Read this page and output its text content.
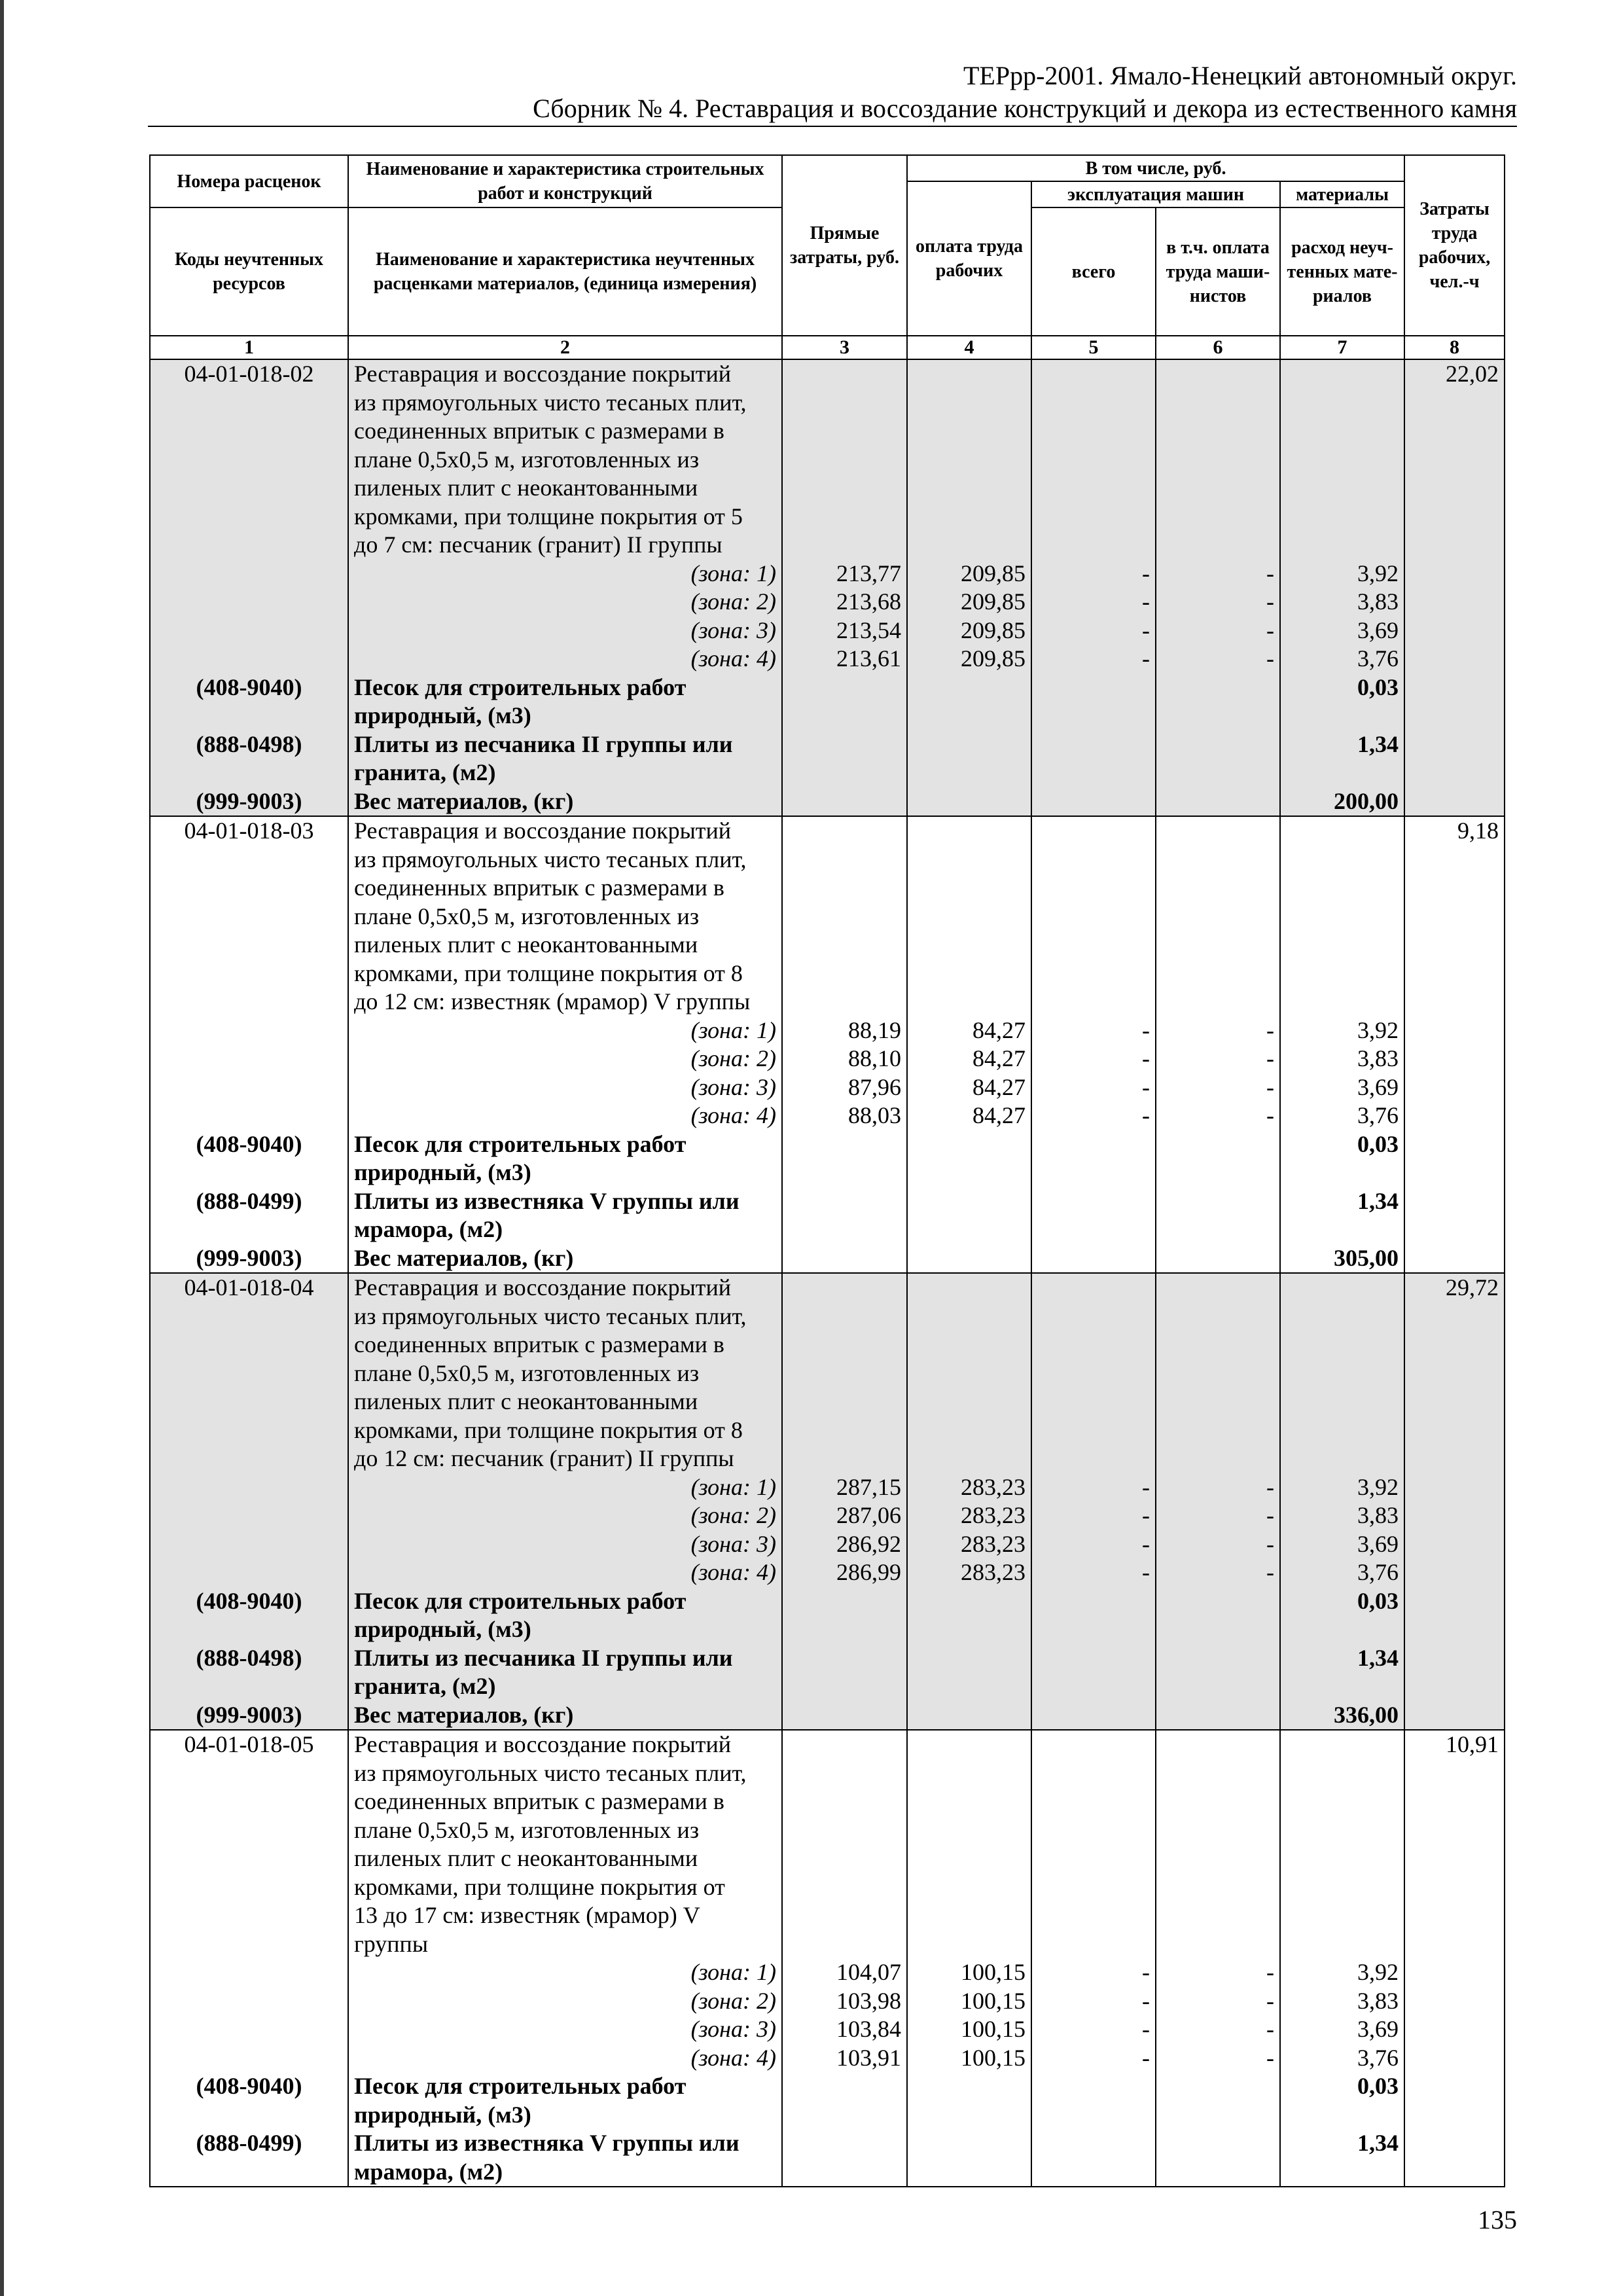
ТЕРрр-2001. Ямало-Ненецкий автономный округ.
Сборник № 4. Реставрация и воссоздание конструкций и декора из естественного камня
Номера расценок	Наименование и характеристика строительных работ и конструкций	Прямые затраты, руб.	В том числе, руб.				Затраты труда рабочих, чел.-ч
			оплата труда рабочих	эксплуатация машин		материалы	
Коды неучтенных ресурсов	Наименование и характеристика неучтенных расценками материалов, (единица измерения)			всего	в т.ч. оплата труда маши-нистов	расход неуч-тенных мате-риалов	
1	2	3	4	5	6	7	8
04-01-018-02	Реставрация и воссоздание покрытий						22,02
	из прямоугольных чисто тесаных плит,						
	соединенных впритык с размерами в						
	плане 0,5х0,5 м, изготовленных из						
	пиленых плит с неокантованными						
	кромками, при толщине покрытия от 5						
	до 7 см: песчаник (гранит) II группы						
	(зона: 1)	213,77	209,85	-	-	3,92	
	(зона: 2)	213,68	209,85	-	-	3,83	
	(зона: 3)	213,54	209,85	-	-	3,69	
	(зона: 4)	213,61	209,85	-	-	3,76	
(408-9040)	Песок для строительных работ					0,03	
	природный, (м3)						
(888-0498)	Плиты из песчаника II группы или					1,34	
	гранита, (м2)						
(999-9003)	Вес материалов, (кг)					200,00	
04-01-018-03	Реставрация и воссоздание покрытий						9,18
	из прямоугольных чисто тесаных плит,						
	соединенных впритык с размерами в						
	плане 0,5х0,5 м, изготовленных из						
	пиленых плит с неокантованными						
	кромками, при толщине покрытия от 8						
	до 12 см: известняк (мрамор) V группы						
	(зона: 1)	88,19	84,27	-	-	3,92	
	(зона: 2)	88,10	84,27	-	-	3,83	
	(зона: 3)	87,96	84,27	-	-	3,69	
	(зона: 4)	88,03	84,27	-	-	3,76	
(408-9040)	Песок для строительных работ					0,03	
	природный, (м3)						
(888-0499)	Плиты из известняка V группы или					1,34	
	мрамора, (м2)						
(999-9003)	Вес материалов, (кг)					305,00	
04-01-018-04	Реставрация и воссоздание покрытий						29,72
	из прямоугольных чисто тесаных плит,						
	соединенных впритык с размерами в						
	плане 0,5х0,5 м, изготовленных из						
	пиленых плит с неокантованными						
	кромками, при толщине покрытия от 8						
	до 12 см: песчаник (гранит) II группы						
	(зона: 1)	287,15	283,23	-	-	3,92	
	(зона: 2)	287,06	283,23	-	-	3,83	
	(зона: 3)	286,92	283,23	-	-	3,69	
	(зона: 4)	286,99	283,23	-	-	3,76	
(408-9040)	Песок для строительных работ					0,03	
	природный, (м3)						
(888-0498)	Плиты из песчаника II группы или					1,34	
	гранита, (м2)						
(999-9003)	Вес материалов, (кг)					336,00	
04-01-018-05	Реставрация и воссоздание покрытий						10,91
	из прямоугольных чисто тесаных плит,						
	соединенных впритык с размерами в						
	плане 0,5х0,5 м, изготовленных из						
	пиленых плит с неокантованными						
	кромками, при толщине покрытия от						
	13 до 17 см: известняк (мрамор) V						
	группы						
	(зона: 1)	104,07	100,15	-	-	3,92	
	(зона: 2)	103,98	100,15	-	-	3,83	
	(зона: 3)	103,84	100,15	-	-	3,69	
	(зона: 4)	103,91	100,15	-	-	3,76	
(408-9040)	Песок для строительных работ					0,03	
	природный, (м3)						
(888-0499)	Плиты из известняка V группы или					1,34	
	мрамора, (м2)						
135
